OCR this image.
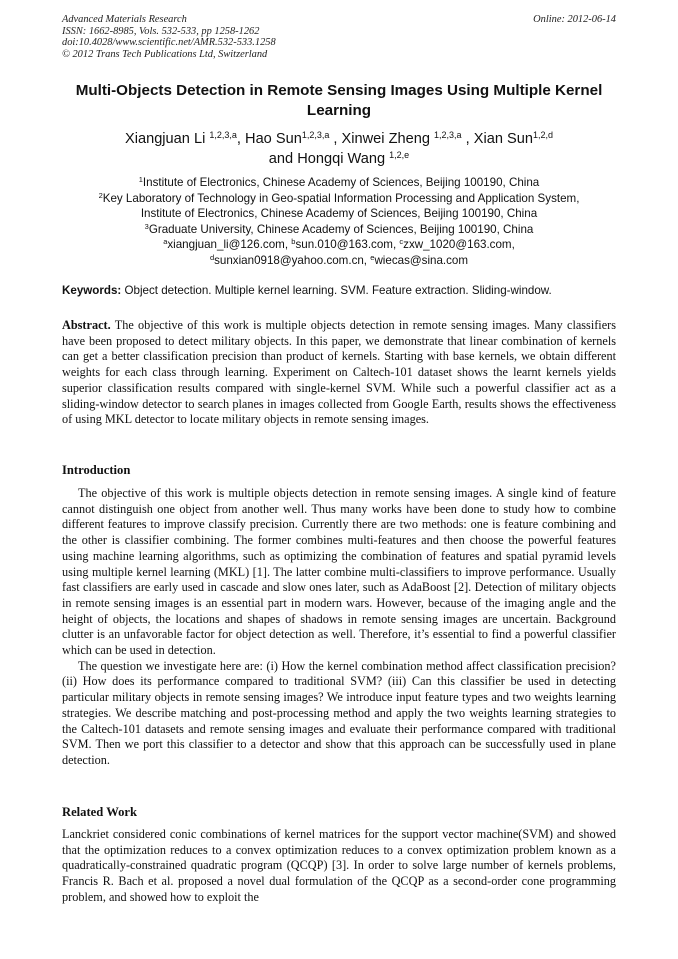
Advanced Materials Research
ISSN: 1662-8985, Vols. 532-533, pp 1258-1262
doi:10.4028/www.scientific.net/AMR.532-533.1258
© 2012 Trans Tech Publications Ltd, Switzerland
Online: 2012-06-14
Multi-Objects Detection in Remote Sensing Images Using Multiple Kernel Learning
Xiangjuan Li $^{1,2,3,a}$, Hao Sun$^{1,2,3,a}$ , Xinwei Zheng $^{1,2,3,a}$ , Xian Sun$^{1,2,d}$
and Hongqi Wang $^{1,2,e}$
$^1$Institute of Electronics, Chinese Academy of Sciences, Beijing 100190, China
$^2$Key Laboratory of Technology in Geo-spatial Information Processing and Application System,
Institute of Electronics, Chinese Academy of Sciences, Beijing 100190, China
$^3$Graduate University, Chinese Academy of Sciences, Beijing 100190, China
$^a$xiangjuan_li@126.com, $^b$sun.010@163.com, $^c$zxw_1020@163.com,
$^d$sunxian0918@yahoo.com.cn, $^e$wiecas@sina.com
Keywords: Object detection. Multiple kernel learning. SVM. Feature extraction. Sliding-window.

Abstract. The objective of this work is multiple objects detection in remote sensing images. Many classifiers have been proposed to detect military objects. In this paper, we demonstrate that linear combination of kernels can get a better classification precision than product of kernels. Starting with base kernels, we obtain different weights for each class through learning. Experiment on Caltech-101 dataset shows the learnt kernels yields superior classification results compared with single-kernel SVM. While such a powerful classifier act as a sliding-window detector to search planes in images collected from Google Earth, results shows the effectiveness of using MKL detector to locate military objects in remote sensing images.

Introduction

The objective of this work is multiple objects detection in remote sensing images. A single kind of feature cannot distinguish one object from another well. Thus many works have been done to study how to combine different features to improve classify precision. Currently there are two methods: one is feature combining and the other is classifier combining. The former combines multi-features and then choose the powerful features using machine learning algorithms, such as optimizing the combination of features and spatial pyramid levels using multiple kernel learning (MKL) [1]. The latter combine multi-classifiers to improve performance. Usually fast classifiers are early used in cascade and slow ones later, such as AdaBoost [2]. Detection of military objects in remote sensing images is an essential part in modern wars. However, because of the imaging angle and the height of objects, the locations and shapes of shadows in remote sensing images are uncertain. Background clutter is an unfavorable factor for object detection as well. Therefore, it’s essential to find a powerful classifier which can be used in detection.

The question we investigate here are: (i) How the kernel combination method affect classification precision? (ii) How does its performance compared to traditional SVM? (iii) Can this classifier be used in detecting particular military objects in remote sensing images? We introduce input feature types and two weights learning strategies. We describe matching and post-processing method and apply the two weights learning strategies to the Caltech-101 datasets and remote sensing images and evaluate their performance compared with traditional SVM. Then we port this classifier to a detector and show that this approach can be successfully used in plane detection.

Related Work

Lanckriet considered conic combinations of kernel matrices for the support vector machine(SVM) and showed that the optimization reduces to a convex optimization reduces to a convex optimization problem known as a quadratically-constrained quadratic program (QCQP) [3]. In order to solve large number of kernels problems, Francis R. Bach et al. proposed a novel dual formulation of the QCQP as a second-order cone programming problem, and showed how to exploit the
